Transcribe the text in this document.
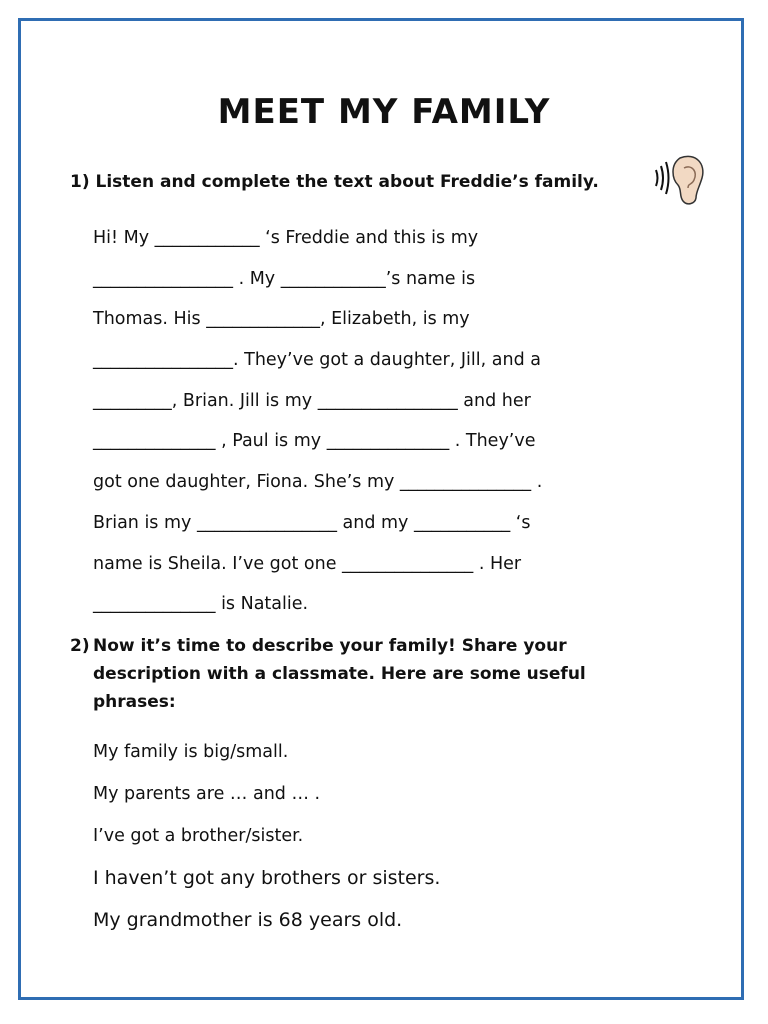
MEET MY FAMILY
1) Listen and complete the text about Freddie’s family.
Hi! My ____________ ‘s Freddie and this is my
________________ . My ____________’s name is
Thomas. His _____________, Elizabeth, is my
________________. They’ve got a daughter, Jill, and a
_________, Brian. Jill is my ________________ and her
______________ , Paul is my ______________ . They’ve
got one daughter, Fiona. She’s my _______________ .
Brian is my ________________ and my ___________ ‘s
name is Sheila. I’ve got one _______________ . Her
______________ is Natalie.
2) Now it’s time to describe your family! Share your
description with a classmate. Here are some useful
phrases:
My family is big/small.
My parents are … and … .
I’ve got a brother/sister.
I haven’t got any brothers or sisters.
My grandmother is 68 years old.
